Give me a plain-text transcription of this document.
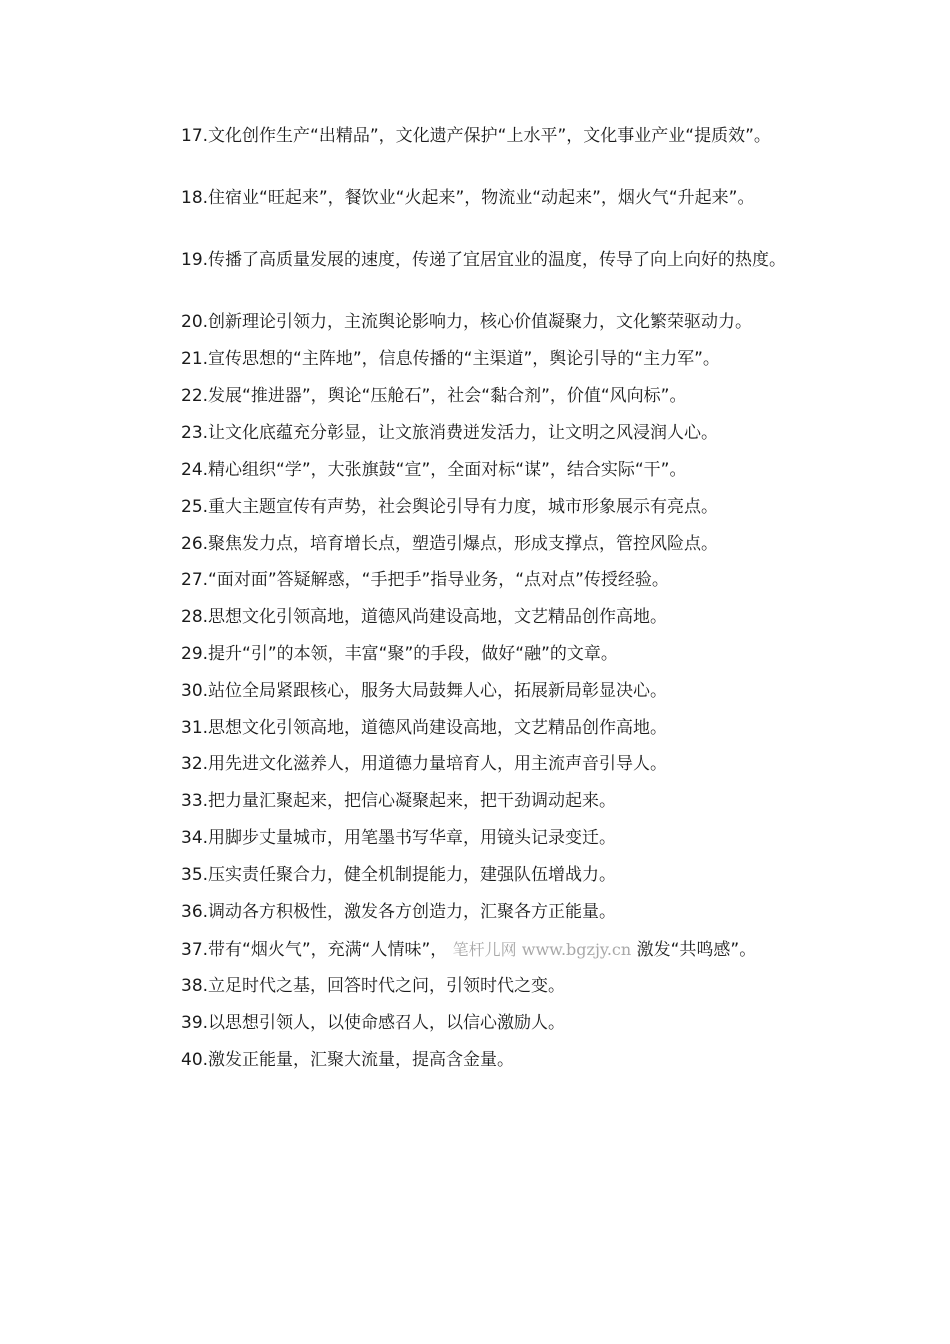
17.文化创作生产“出精品”，文化遗产保护“上水平”，文化事业产业“提质效”。

18.住宿业“旺起来”，餐饮业“火起来”，物流业“动起来”，烟火气“升起来”。

19.传播了高质量发展的速度，传递了宜居宜业的温度，传导了向上向好的热度。

20.创新理论引领力，主流舆论影响力，核心价值凝聚力，文化繁荣驱动力。

21.宣传思想的“主阵地”，信息传播的“主渠道”，舆论引导的“主力军”。

22.发展“推进器”，舆论“压舱石”，社会“黏合剂”，价值“风向标”。

23.让文化底蕴充分彰显，让文旅消费迸发活力，让文明之风浸润人心。

24.精心组织“学”，大张旗鼓“宣”，全面对标“谋”，结合实际“干”。

25.重大主题宣传有声势，社会舆论引导有力度，城市形象展示有亮点。

26.聚焦发力点，培育增长点，塑造引爆点，形成支撑点，管控风险点。

27.“面对面”答疑解惑，“手把手”指导业务，“点对点”传授经验。

28.思想文化引领高地，道德风尚建设高地，文艺精品创作高地。

29.提升“引”的本领，丰富“聚”的手段，做好“融”的文章。

30.站位全局紧跟核心，服务大局鼓舞人心，拓展新局彰显决心。

31.思想文化引领高地，道德风尚建设高地，文艺精品创作高地。

32.用先进文化滋养人，用道德力量培育人，用主流声音引导人。

33.把力量汇聚起来，把信心凝聚起来，把干劲调动起来。

34.用脚步丈量城市，用笔墨书写华章，用镜头记录变迁。

35.压实责任聚合力，健全机制提能力，建强队伍增战力。

36.调动各方积极性，激发各方创造力，汇聚各方正能量。

37.带有“烟火气”，充满“人情味”， 笔杆儿网 www.bgzjy.cn 激发“共鸣感”。

38.立足时代之基，回答时代之问，引领时代之变。

39.以思想引领人，以使命感召人，以信心激励人。

40.激发正能量，汇聚大流量，提高含金量。
